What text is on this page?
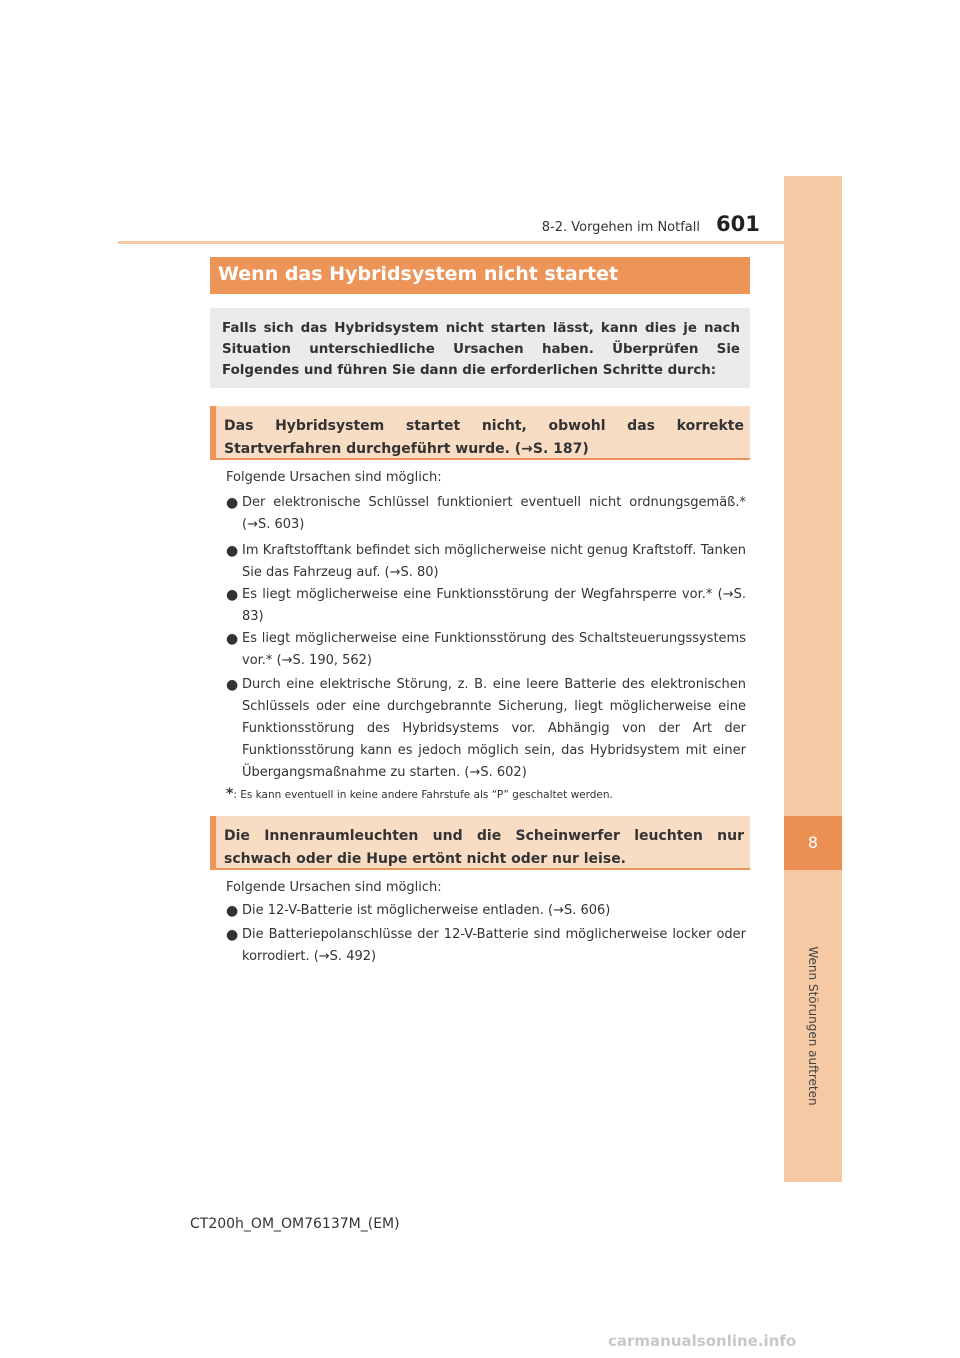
8
Wenn Störungen auftreten
8-2. Vorgehen im Notfall 601
Wenn das Hybridsystem nicht startet

Falls sich das Hybridsystem nicht starten lässt, kann dies je nach Situation unterschiedliche Ursachen haben. Überprüfen Sie Folgendes und führen Sie dann die erforderlichen Schritte durch:

Das Hybridsystem startet nicht, obwohl das korrekte Startverfahren durchgeführt wurde. (→S. 187)

Folgende Ursachen sind möglich:
● Der elektronische Schlüssel funktioniert eventuell nicht ordnungsgemäß.* (→S. 603)
● Im Kraftstofftank befindet sich möglicherweise nicht genug Kraftstoff. Tanken Sie das Fahrzeug auf. (→S. 80)
● Es liegt möglicherweise eine Funktionsstörung der Wegfahrsperre vor.* (→S. 83)
● Es liegt möglicherweise eine Funktionsstörung des Schaltsteuerungssystems vor.* (→S. 190, 562)
● Durch eine elektrische Störung, z. B. eine leere Batterie des elektronischen Schlüssels oder eine durchgebrannte Sicherung, liegt möglicherweise eine Funktionsstörung des Hybridsystems vor. Abhängig von der Art der Funktionsstörung kann es jedoch möglich sein, das Hybridsystem mit einer Übergangsmaßnahme zu starten. (→S. 602)
*: Es kann eventuell in keine andere Fahrstufe als “P” geschaltet werden.

Die Innenraumleuchten und die Scheinwerfer leuchten nur schwach oder die Hupe ertönt nicht oder nur leise.

Folgende Ursachen sind möglich:
● Die 12-V-Batterie ist möglicherweise entladen. (→S. 606)
● Die Batteriepolanschlüsse der 12-V-Batterie sind möglicherweise locker oder korrodiert. (→S. 492)
CT200h_OM_OM76137M_(EM)
carmanualsonline.info
